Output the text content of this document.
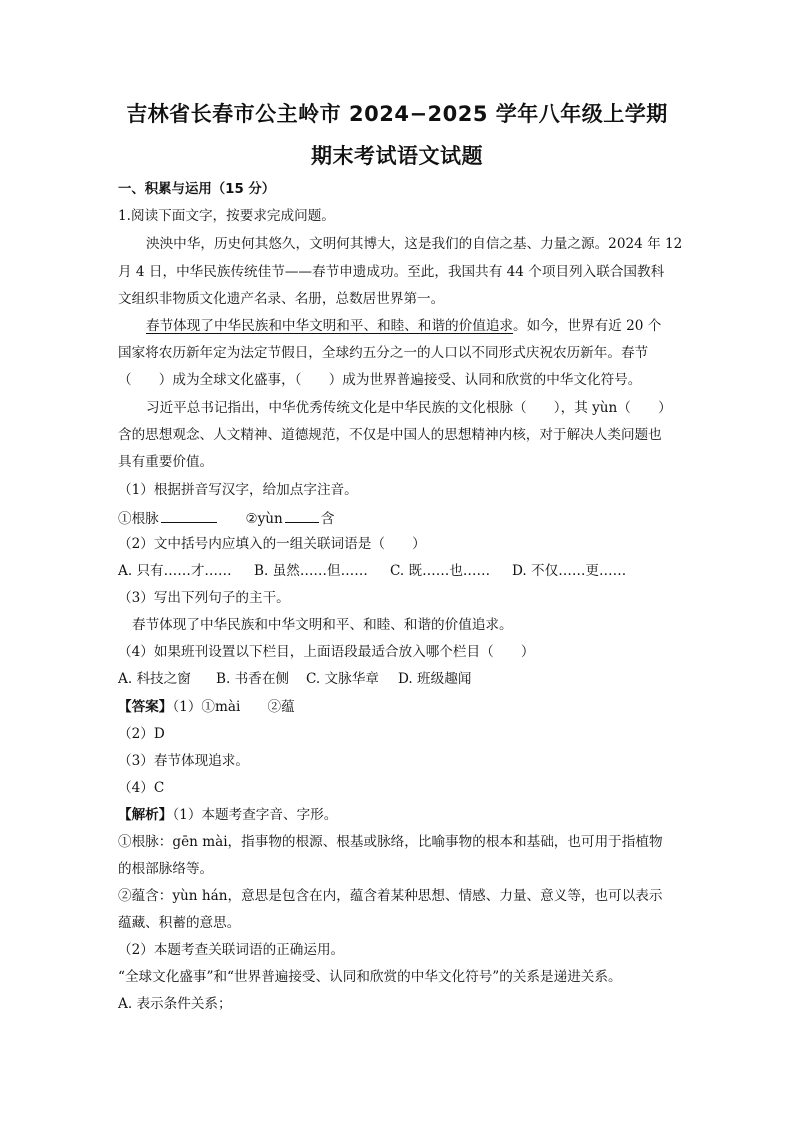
吉林省长春市公主岭市 2024−2025 学年八年级上学期
期末考试语文试题
一、积累与运用（15 分）
1.阅读下面文字，按要求完成问题。
泱泱中华，历史何其悠久，文明何其博大，这是我们的自信之基、力量之源。2024 年 12
月 4 日，中华民族传统佳节——春节申遗成功。至此，我国共有 44 个项目列入联合国教科
文组织非物质文化遗产名录、名册，总数居世界第一。
春节体现了中华民族和中华文明和平、和睦、和谐的价值追求。如今，世界有近 20 个
国家将农历新年定为法定节假日，全球约五分之一的人口以不同形式庆祝农历新年。春节
（　　）成为全球文化盛事，（　　）成为世界普遍接受、认同和欣赏的中华文化符号。
习近平总书记指出，中华优秀传统文化是中华民族的文化根脉（　　），其 yùn（　　）
含的思想观念、人文精神、道德规范，不仅是中国人的思想精神内核，对于解决人类问题也
具有重要价值。
（1）根据拼音写汉字，给加点字注音。
①根脉	②yùn	含
（2）文中括号内应填入的一组关联词语是（　　）
A. 只有……才…… B. 虽然……但…… C. 既……也…… D. 不仅……更……
（3）写出下列句子的主干。
春节体现了中华民族和中华文明和平、和睦、和谐的价值追求。
（4）如果班刊设置以下栏目，上面语段最适合放入哪个栏目（　　）
A. 科技之窗 B. 书香在侧 C. 文脉华章 D. 班级趣闻
【答案】（1）①mài　　②蕴
（2）D
（3）春节体现追求。
（4）C
【解析】（1）本题考查字音、字形。
①根脉：gēn mài，指事物的根源、根基或脉络，比喻事物的根本和基础，也可用于指植物
的根部脉络等。
②蕴含：yùn hán，意思是包含在内，蕴含着某种思想、情感、力量、意义等，也可以表示
蕴藏、积蓄的意思。
（2）本题考查关联词语的正确运用。
“全球文化盛事”和“世界普遍接受、认同和欣赏的中华文化符号”的关系是递进关系。
A. 表示条件关系；
